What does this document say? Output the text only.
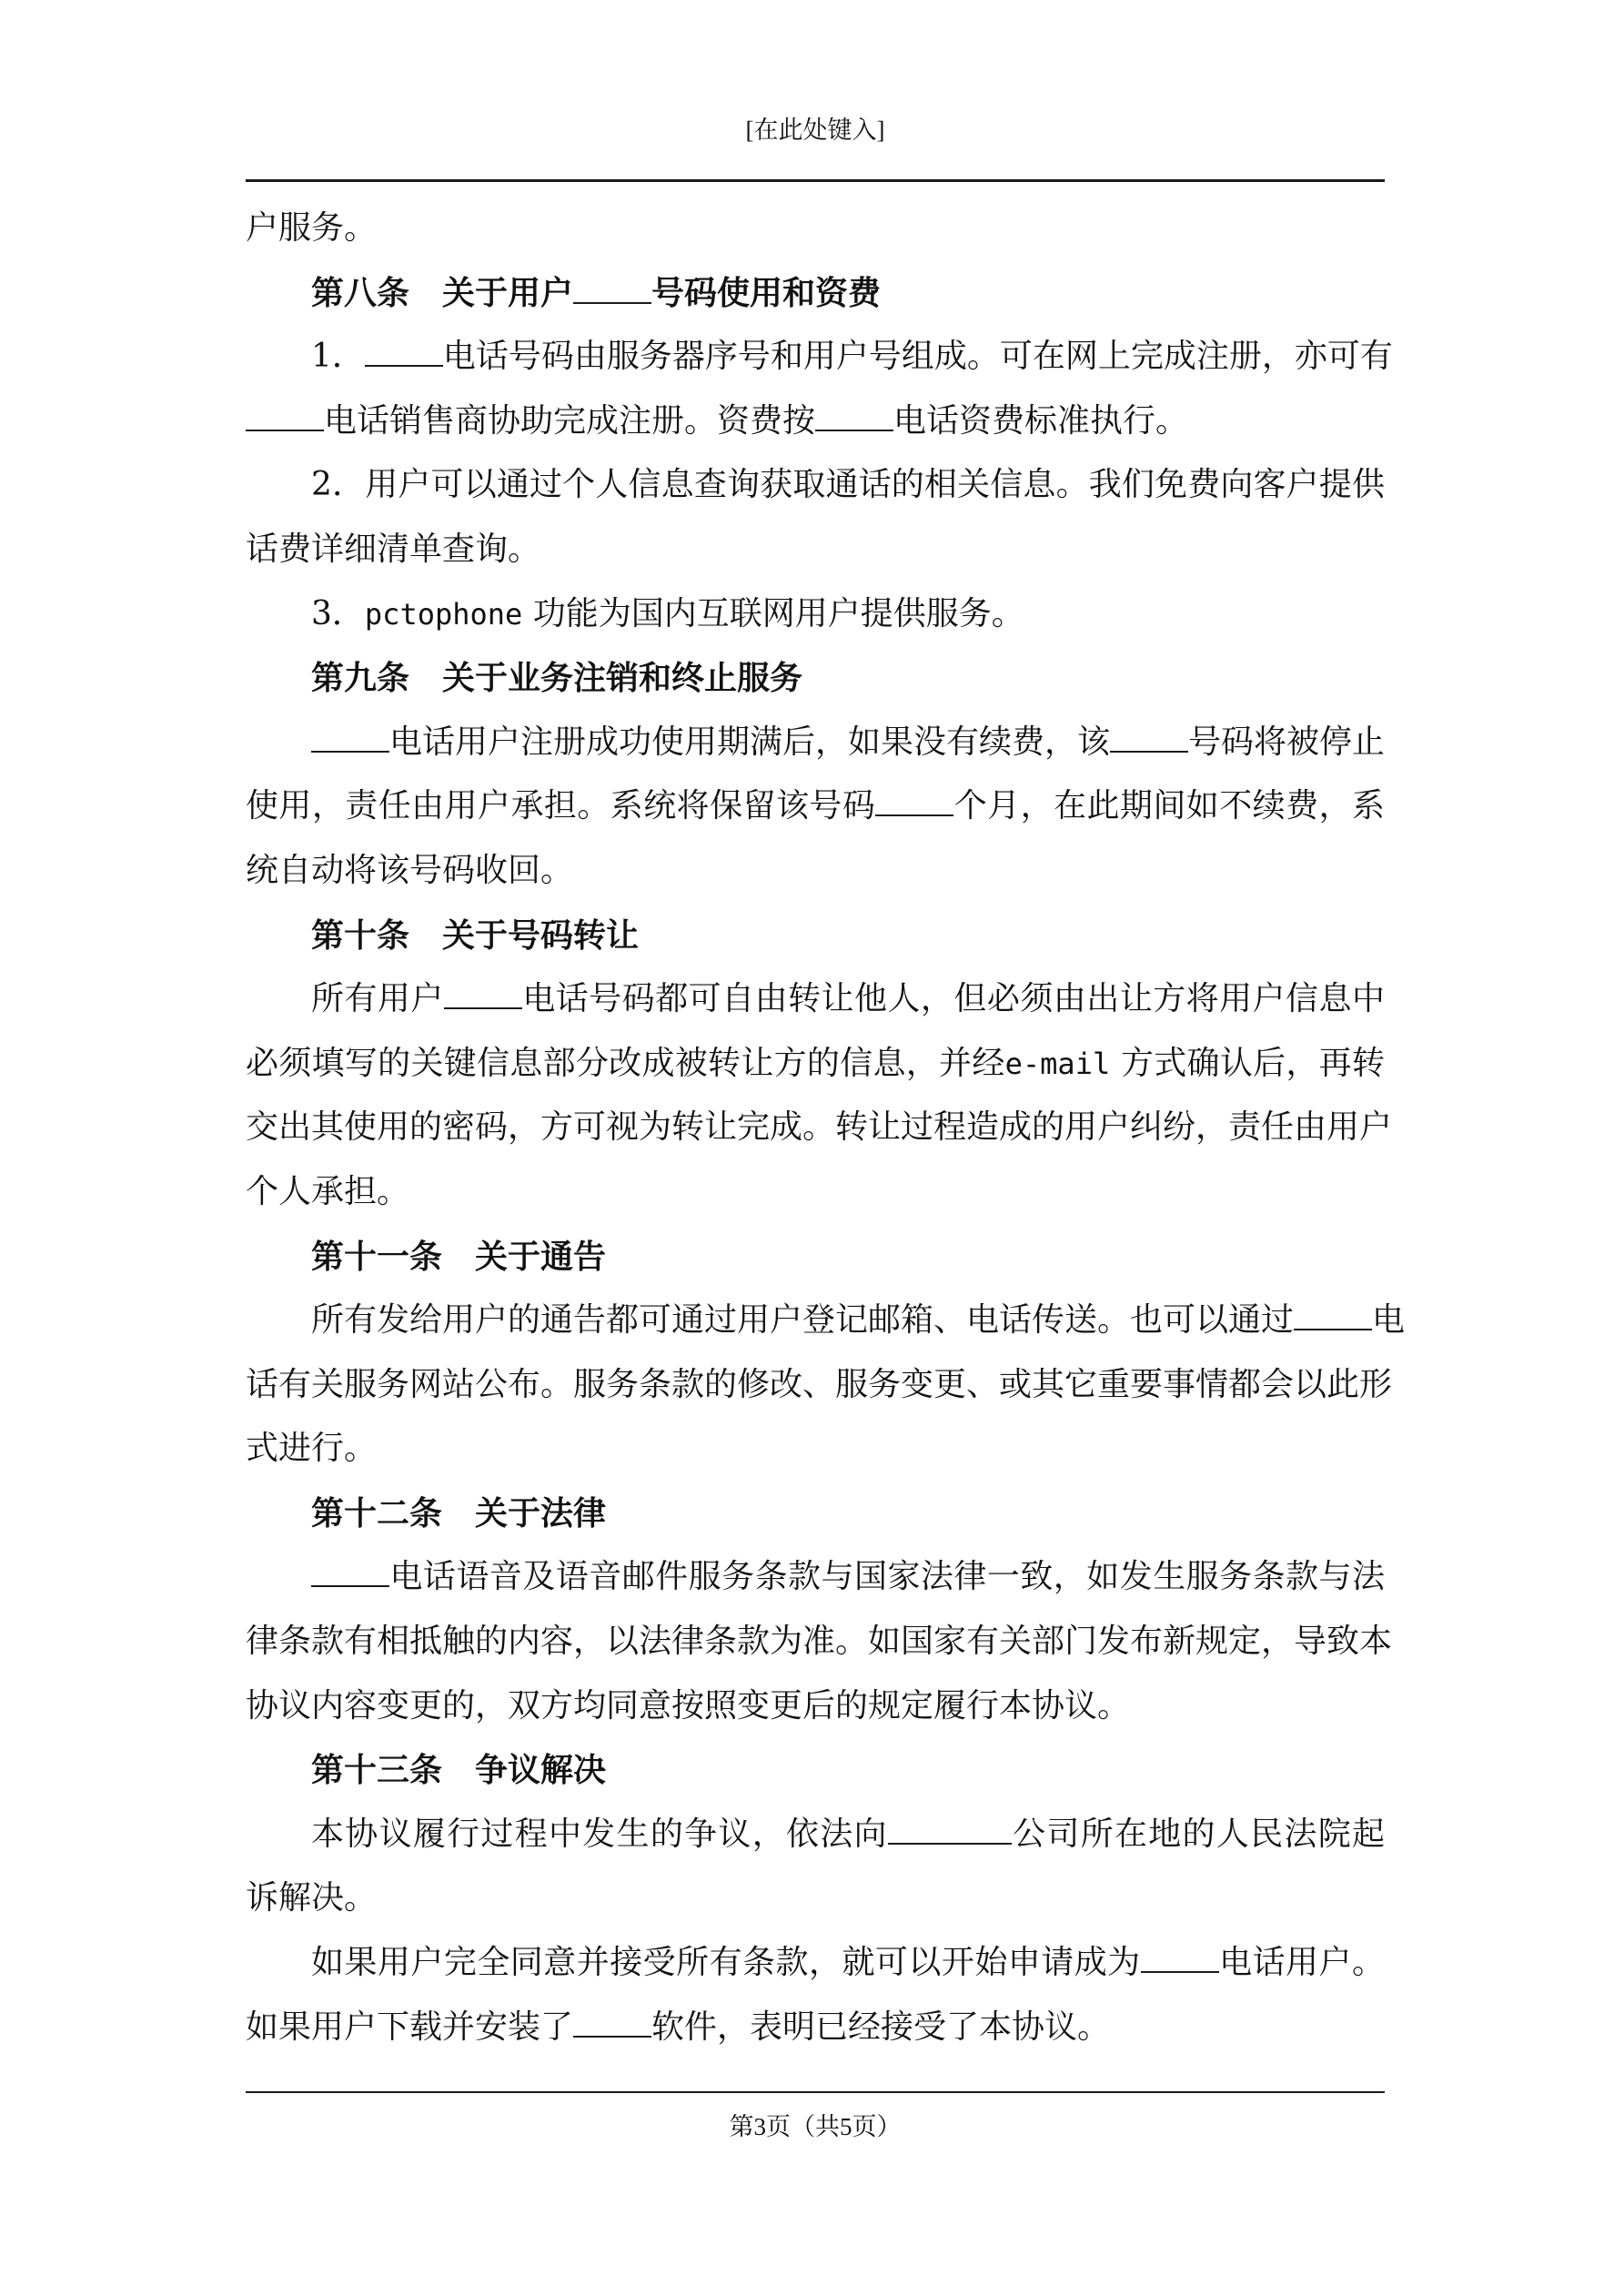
[在此处键入]
户服务。
第八条　关于用户 号码使用和资费
1． 电话号码由服务器序号和用户号组成。可在网上完成注册，亦可有
电话销售商协助完成注册。资费按 电话资费标准执行。
2．用户可以通过个人信息查询获取通话的相关信息。我们免费向客户提供
话费详细清单查询。
3．pctophone 功能为国内互联网用户提供服务。
第九条　关于业务注销和终止服务
电话用户注册成功使用期满后，如果没有续费，该 号码将被停止
使用，责任由用户承担。系统将保留该号码 个月，在此期间如不续费，系
统自动将该号码收回。
第十条　关于号码转让
所有用户 电话号码都可自由转让他人，但必须由出让方将用户信息中
必须填写的关键信息部分改成被转让方的信息，并经e-mail 方式确认后，再转
交出其使用的密码，方可视为转让完成。转让过程造成的用户纠纷，责任由用户
个人承担。
第十一条　关于通告
所有发给用户的通告都可通过用户登记邮箱、电话传送。也可以通过 电
话有关服务网站公布。服务条款的修改、服务变更、或其它重要事情都会以此形
式进行。
第十二条　关于法律
电话语音及语音邮件服务条款与国家法律一致，如发生服务条款与法
律条款有相抵触的内容，以法律条款为准。如国家有关部门发布新规定，导致本
协议内容变更的，双方均同意按照变更后的规定履行本协议。
第十三条　争议解决
本协议履行过程中发生的争议，依法向	公司所在地的人民法院起
诉解决。
如果用户完全同意并接受所有条款，就可以开始申请成为 电话用户。
如果用户下载并安装了 软件，表明已经接受了本协议。
第3页（共5页）
